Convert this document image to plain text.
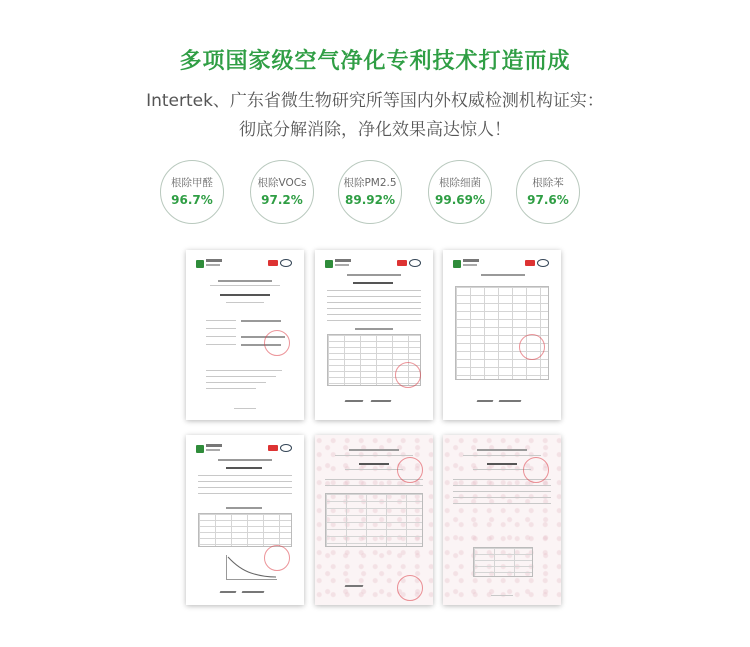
多项国家级空气净化专利技术打造而成
Intertek、广东省微生物研究所等国内外权威检测机构证实：
彻底分解消除，净化效果高达惊人！
根除甲醛
96.7%
根除VOCs
97.2%
根除PM2.5
89.92%
根除细菌
99.69%
根除苯
97.6%
